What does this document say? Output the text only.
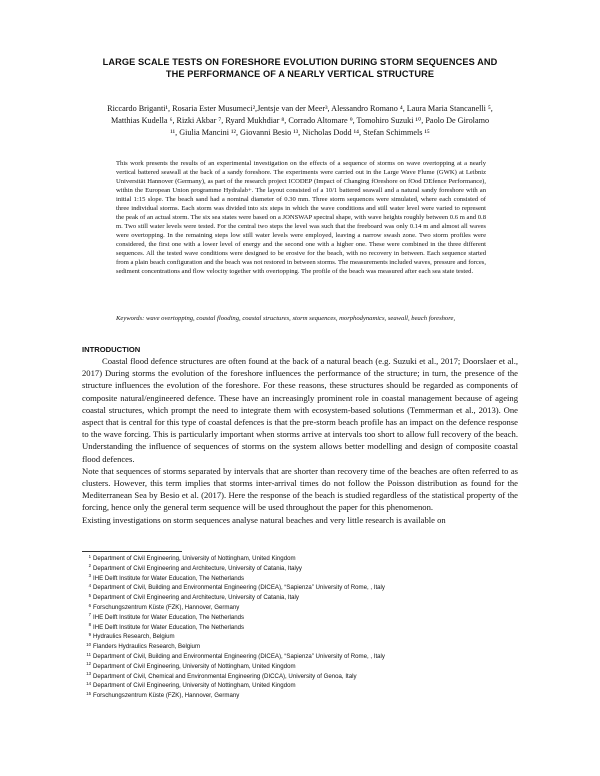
LARGE SCALE TESTS ON FORESHORE EVOLUTION DURING STORM SEQUENCES AND
THE PERFORMANCE OF A NEARLY VERTICAL STRUCTURE
Riccardo Briganti¹, Rosaria Ester Musumeci²,Jentsje van der Meer³, Alessandro Romano ⁴, Laura Maria Stancanelli ⁵,
Matthias Kudella ⁶, Rizki Akbar ⁷, Ryard Mukhdiar ⁸, Corrado Altomare ⁹, Tomohiro Suzuki ¹⁰, Paolo De Girolamo
¹¹, Giulia Mancini ¹², Giovanni Besio ¹³, Nicholas Dodd ¹⁴, Stefan Schimmels ¹⁵
This work presents the results of an experimental investigation on the effects of a sequence of storms on wave overtopping at a nearly vertical battered seawall at the back of a sandy foreshore. The experiments were carried out in the Large Wave Flume (GWK) at Leibniz Universität Hannover (Germany), as part of the research project ICODEP (Impact of Changing fOreshore on fOod DEfence Performance), within the European Union programme Hydralab+. The layout consisted of a 10/1 battered seawall and a natural sandy foreshore with an initial 1:15 slope. The beach sand had a nominal diameter of 0.30 mm. Three storm sequences were simulated, where each consisted of three individual storms. Each storm was divided into six steps in which the wave conditions and still water level were varied to represent the peak of an actual storm. The six sea states were based on a JONSWAP spectral shape, with wave heights roughly between 0.6 m and 0.8 m. Two still water levels were tested. For the central two steps the level was such that the freeboard was only 0.14 m and almost all waves were overtopping. In the remaining steps low still water levels were employed, leaving a narrow swash zone. Two storm profiles were considered, the first one with a lower level of energy and the second one with a higher one. These were combined in the three different sequences. All the tested wave conditions were designed to be erosive for the beach, with no recovery in between. Each sequence started from a plain beach configuration and the beach was not restored in between storms. The measurements included waves, pressure and forces, sediment concentrations and flow velocity together with overtopping. The profile of the beach was measured after each sea state tested.
Keywords: wave overtopping, coastal flooding, coastal structures, storm sequences, morphodynamics, seawall, beach foreshore,
INTRODUCTION

Coastal flood defence structures are often found at the back of a natural beach (e.g. Suzuki et al., 2017; Doorslaer et al., 2017) During storms the evolution of the foreshore influences the performance of the structure; in turn, the presence of the structure influences the evolution of the foreshore. For these reasons, these structures should be regarded as components of composite natural/engineered defence. These have an increasingly prominent role in coastal management because of ageing coastal structures, which prompt the need to integrate them with ecosystem-based solutions (Temmerman et al., 2013). One aspect that is central for this type of coastal defences is that the pre-storm beach profile has an impact on the defence response to the wave forcing. This is particularly important when storms arrive at intervals too short to allow full recovery of the beach. Understanding the influence of sequences of storms on the system allows better modelling and design of composite coastal flood defences.

Note that sequences of storms separated by intervals that are shorter than recovery time of the beaches are often referred to as clusters. However, this term implies that storms inter-arrival times do not follow the Poisson distribution as found for the Mediterranean Sea by Besio et al. (2017). Here the response of the beach is studied regardless of the statistical property of the forcing, hence only the general term sequence will be used throughout the paper for this phenomenon.

Existing investigations on storm sequences analyse natural beaches and very little research is available on

$^1$ Department of Civil Engineering, University of Nottingham, United Kingdom
$^2$ Department of Civil Engineering and Architecture, University of Catania, Italyy
$^3$ IHE Delft Institute for Water Education, The Netherlands
$^4$ Department of Civil, Building and Environmental Engineering (DICEA), “Sapienza” University of Rome, , Italy
$^5$ Department of Civil Engineering and Architecture, University of Catania, Italy
$^6$ Forschungszentrum Küste (FZK), Hannover, Germany
$^7$ IHE Delft Institute for Water Education, The Netherlands
$^8$ IHE Delft Institute for Water Education, The Netherlands
$^9$ Hydraulics Research, Belgium
$^{10}$ Flanders Hydraulics Research, Belgium
$^{11}$ Department of Civil, Building and Environmental Engineering (DICEA), “Sapienza” University of Rome, , Italy
$^{12}$ Department of Civil Engineering, University of Nottingham, United Kingdom
$^{13}$ Department of Civil, Chemical and Environmental Engineering (DICCA), University of Genoa, Italy
$^{14}$ Department of Civil Engineering, University of Nottingham, United Kingdom
$^{15}$ Forschungszentrum Küste (FZK), Hannover, Germany
